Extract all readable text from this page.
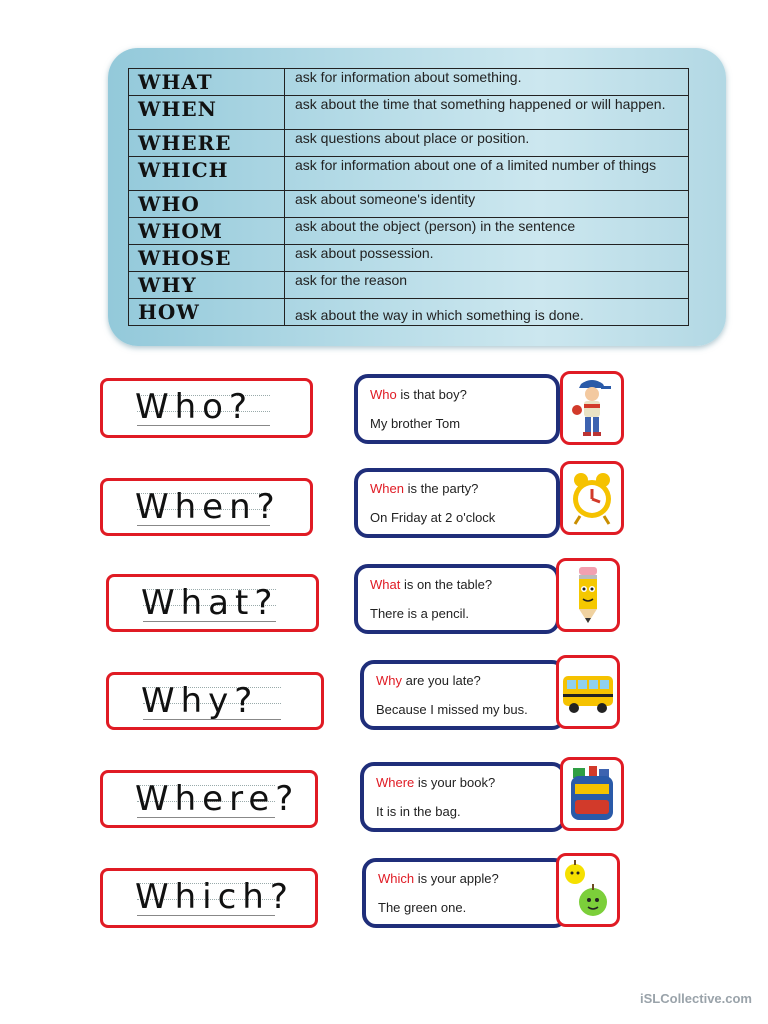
WHAT	ask for information about something.
WHEN	ask about the time that something happened or will happen.
WHERE	ask questions about place or position.
WHICH	ask for information about one of a limited number of things
WHO	ask about someone's identity
WHOM	ask about the object (person) in the sentence
WHOSE	ask about possession.
WHY	ask for the reason
HOW	ask about the way in which something is done.
Who?
When?
What?
Why?
Where?
Which?
Who is that boy?
My brother Tom
When is the party?
On Friday at 2 o'clock
What is on the table?
There is a pencil.
Why are you late?
Because I missed my bus.
Where is your book?
It is in the bag.
Which is your apple?
The green one.
iSLCollective.com
